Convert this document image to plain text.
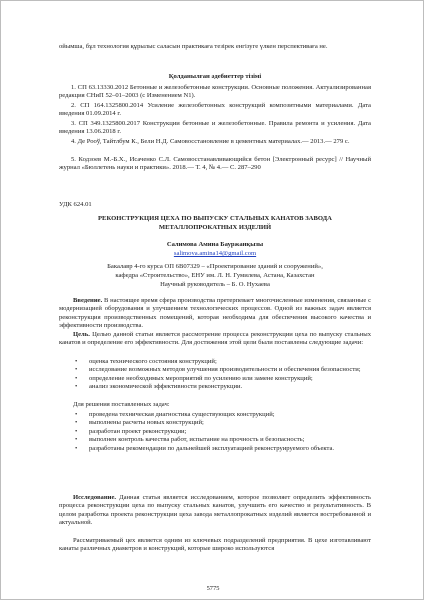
ойымша, бұл технология құрылыс саласын практикаға тезірек енгізуге үлкен перспективаға не.

Қолданылған әдебиеттер тізімі

1. СП 63.13330.2012 Бетонные и железобетонные конструкции. Основные положения. Актуализированная редакция СНиП 52–01–2003 (с Изменением N1).

2. СП 164.1325800.2014 Усиление железобетонных конструкций композитными материалами. Дата введения 01.09.2014 г.

3. СП 349.1325800.2017 Конструкции бетонные и железобетонные. Правила ремонта и усиления. Дата введения 13.06.2018 г.

4. Де Рооў, Тайтлбум К., Бели Н.Д. Самовосстановление в цементных материалах.— 2013.— 279 с.

5. Кодзоев М.-Б.Х., Исаченко С.Л. Самовосстанавливающийся бетон [Электронный ресурс] // Научный журнал «Бюллетень науки и практики». 2018.— Т. 4, № 4.— С. 287–290

УДК 624.01

РЕКОНСТРУКЦИЯ ЦЕХА ПО ВЫПУСКУ СТАЛЬНЫХ КАНАТОВ ЗАВОДА

МЕТАЛЛОПРОКАТНЫХ ИЗДЕЛИЙ

Салимова Амина Бауржанқызы

salimova.amina14@gmail.com

Бакалавр 4-го курса ОП 6В07329 – «Проектирование зданий и сооружений»,

кафедра «Строительство», ЕНУ им. Л. Н. Гумилева, Астана, Казахстан

Научный руководитель – Б. О. Нухаева

Введение. В настоящее время сфера производства претерпевает многочисленные изменения, связанные с модернизацией оборудования и улучшением технологических процессов. Одной из важных задач является реконструкция производственных помещений, которая необходима для обеспечения высокого качества и эффективности производства.

Цель. Целью данной статьи является рассмотрение процесса реконструкции цеха по выпуску стальных канатов и определение его эффективности. Для достижения этой цели были поставлены следующие задачи:

• оценка технического состояния конструкций;
• исследование возможных методов улучшения производительности и обеспечения безопасности;
• определение необходимых мероприятий по усилению или замене конструкций;
• анализ экономической эффективности реконструкции.

Для решения поставленных задач:

• проведена техническая диагностика существующих конструкций;
• выполнены расчеты новых конструкций;
• разработан проект реконструкции;
• выполнен контроль качества работ, испытание на прочность и безопасность;
• разработаны рекомендации по дальнейшей эксплуатацией реконструируемого объекта.

Исследование. Данная статья является исследованием, которое позволяет определить эффективность процесса реконструкции цеха по выпуску стальных канатов, улучшить его качество и результативность. В целом разработка проекта реконструкции цеха завода металлопрокатных изделий является востребованной и актуальной.

Рассматриваемый цех является одним из ключевых подразделений предприятия. В цехе изготавливают канаты различных диаметров и конструкций, которые широко используются

5775
